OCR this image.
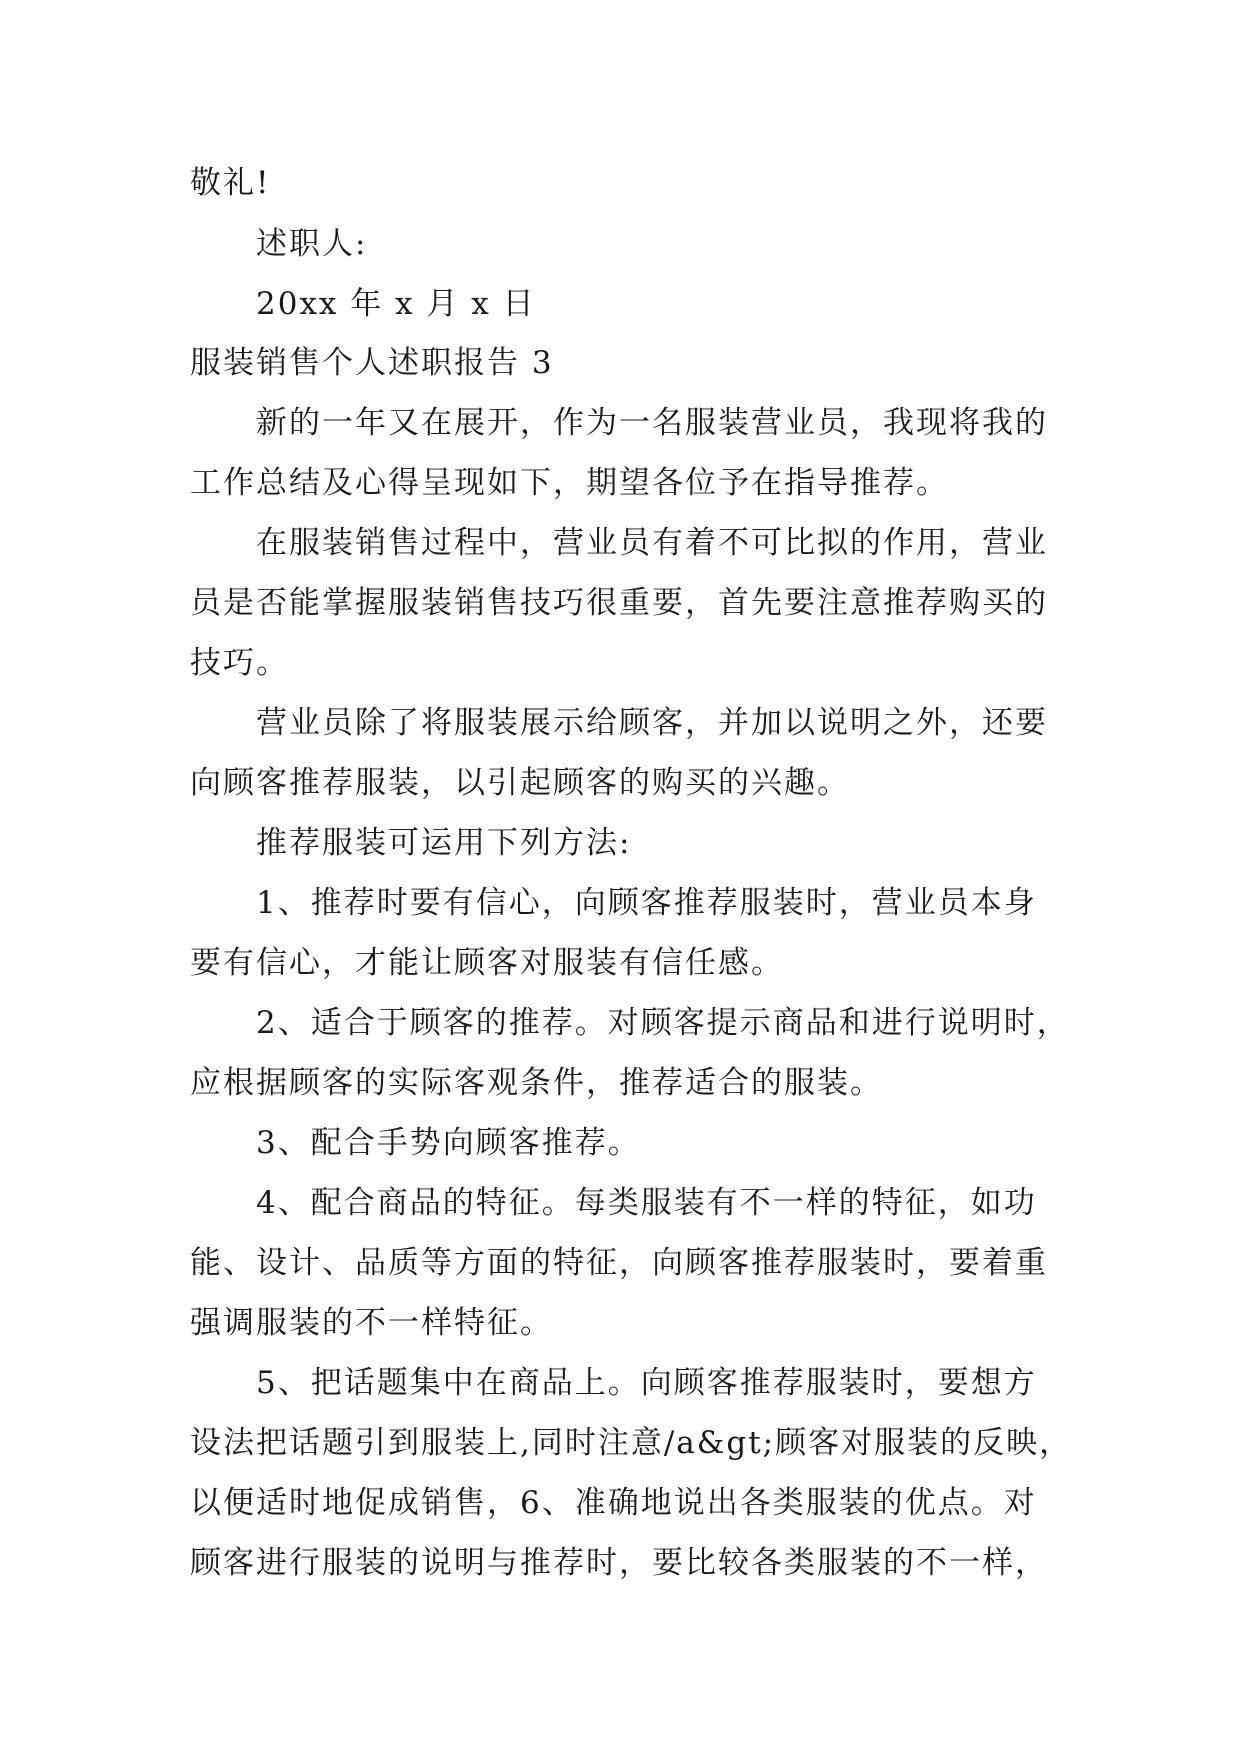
敬礼!
述职人:
20xx 年 x 月 x 日
服装销售个人述职报告 3
新的一年又在展开，作为一名服装营业员，我现将我的
工作总结及心得呈现如下，期望各位予在指导推荐。
在服装销售过程中，营业员有着不可比拟的作用，营业
员是否能掌握服装销售技巧很重要，首先要注意推荐购买的
技巧。
营业员除了将服装展示给顾客，并加以说明之外，还要
向顾客推荐服装，以引起顾客的购买的兴趣。
推荐服装可运用下列方法:
1、推荐时要有信心，向顾客推荐服装时，营业员本身
要有信心，才能让顾客对服装有信任感。
2、适合于顾客的推荐。对顾客提示商品和进行说明时，
应根据顾客的实际客观条件，推荐适合的服装。
3、配合手势向顾客推荐。
4、配合商品的特征。每类服装有不一样的特征，如功
能、设计、品质等方面的特征，向顾客推荐服装时，要着重
强调服装的不一样特征。
5、把话题集中在商品上。向顾客推荐服装时，要想方
设法把话题引到服装上,同时注意/a&gt;顾客对服装的反映，
以便适时地促成销售，6、准确地说出各类服装的优点。对
顾客进行服装的说明与推荐时，要比较各类服装的不一样，
